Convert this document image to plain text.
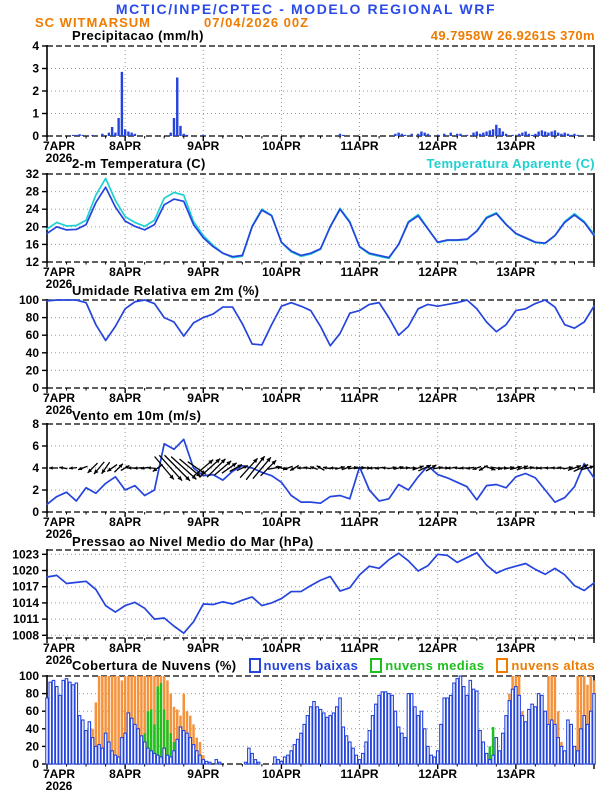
MCTIC/INPE/CPTEC - MODELO REGIONAL WRF
SC WITMARSUM	07/04/2026 00Z
Precipitacao (mm/h)	49.7958W 26.9261S 370m
2-m Temperatura (C)	Temperatura Aparente (C)
Umidade Relativa em 2m (%)
Vento em 10m (m/s)
Pressao ao Nivel Medio do Mar (hPa)
Cobertura de Nuvens (%) nuvens baixas nuvens medias nuvens altas
0
1
2
3
4
7APR
2026
8APR	9APR	10APR	11APR	12APR	13APR
12
16
20
24
28
32
7APR
2026
8APR	9APR	10APR	11APR	12APR	13APR
0
20
40
60
80
100
7APR
2026
8APR	9APR	10APR	11APR	12APR	13APR
0
2
4
6
8
7APR
2026
8APR	9APR	10APR	11APR	12APR	13APR
1008
1011
1014
1017
1020
1023
7APR
2026
8APR	9APR	10APR	11APR	12APR	13APR
0
20
40
60
80
100
7APR
2026
8APR	9APR	10APR	11APR	12APR	13APR
